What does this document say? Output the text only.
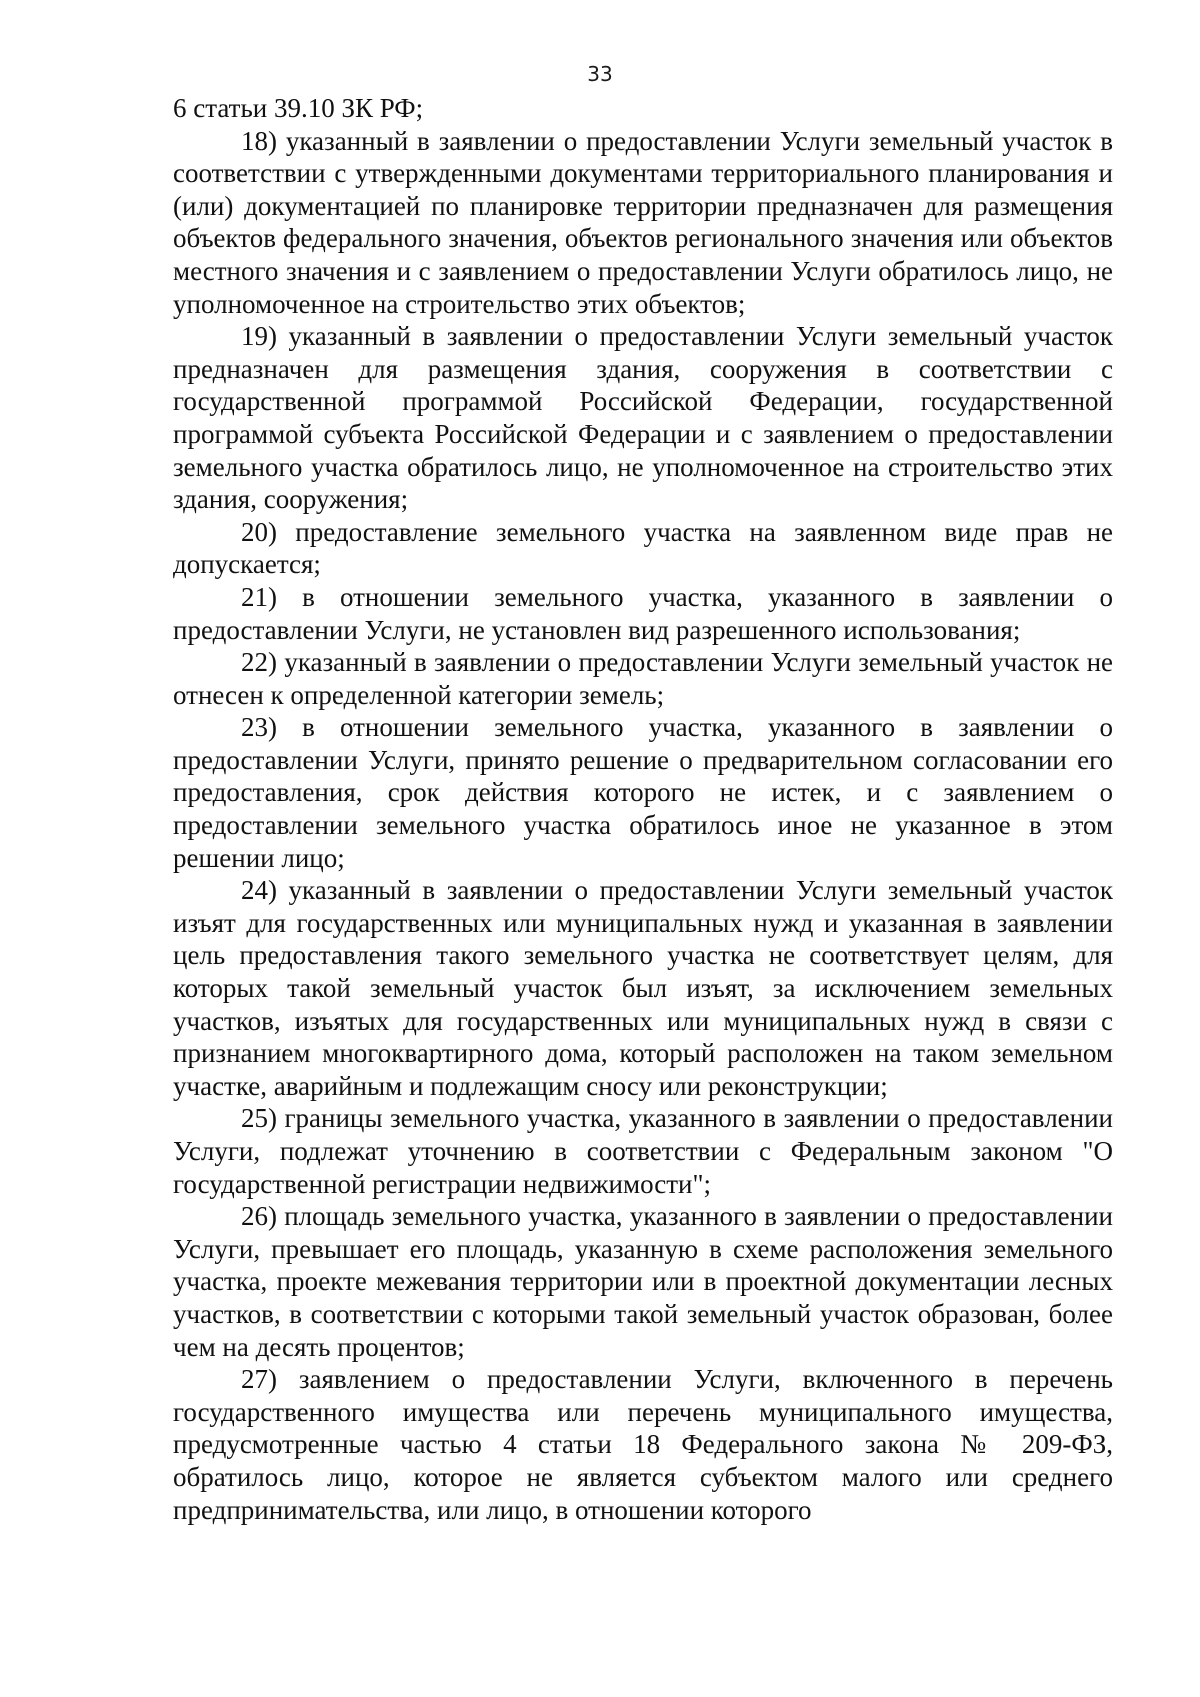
33

6 статьи 39.10 ЗК РФ;

18) указанный в заявлении о предоставлении Услуги земельный участок в соответствии с утвержденными документами территориального планирования и (или) документацией по планировке территории предназначен для размещения объектов федерального значения, объектов регионального значения или объектов местного значения и с заявлением о предоставлении Услуги обратилось лицо, не уполномоченное на строительство этих объектов;

19) указанный в заявлении о предоставлении Услуги земельный участок предназначен для размещения здания, сооружения в соответствии с государственной программой Российской Федерации, государственной программой субъекта Российской Федерации и с заявлением о предоставлении земельного участка обратилось лицо, не уполномоченное на строительство этих здания, сооружения;

20) предоставление земельного участка на заявленном виде прав не допускается;

21) в отношении земельного участка, указанного в заявлении о предоставлении Услуги, не установлен вид разрешенного использования;

22) указанный в заявлении о предоставлении Услуги земельный участок не отнесен к определенной категории земель;

23) в отношении земельного участка, указанного в заявлении о предоставлении Услуги, принято решение о предварительном согласовании его предоставления, срок действия которого не истек, и с заявлением о предоставлении земельного участка обратилось иное не указанное в этом решении лицо;

24) указанный в заявлении о предоставлении Услуги земельный участок изъят для государственных или муниципальных нужд и указанная в заявлении цель предоставления такого земельного участка не соответствует целям, для которых такой земельный участок был изъят, за исключением земельных участков, изъятых для государственных или муниципальных нужд в связи с признанием многоквартирного дома, который расположен на таком земельном участке, аварийным и подлежащим сносу или реконструкции;

25) границы земельного участка, указанного в заявлении о предоставлении Услуги, подлежат уточнению в соответствии с Федеральным законом "О государственной регистрации недвижимости";

26) площадь земельного участка, указанного в заявлении о предоставлении Услуги, превышает его площадь, указанную в схеме расположения земельного участка, проекте межевания территории или в проектной документации лесных участков, в соответствии с которыми такой земельный участок образован, более чем на десять процентов;

27) заявлением о предоставлении Услуги, включенного в перечень государственного имущества или перечень муниципального имущества, предусмотренные частью 4 статьи 18 Федерального закона № 209-ФЗ, обратилось лицо, которое не является субъектом малого или среднего предпринимательства, или лицо, в отношении которого
